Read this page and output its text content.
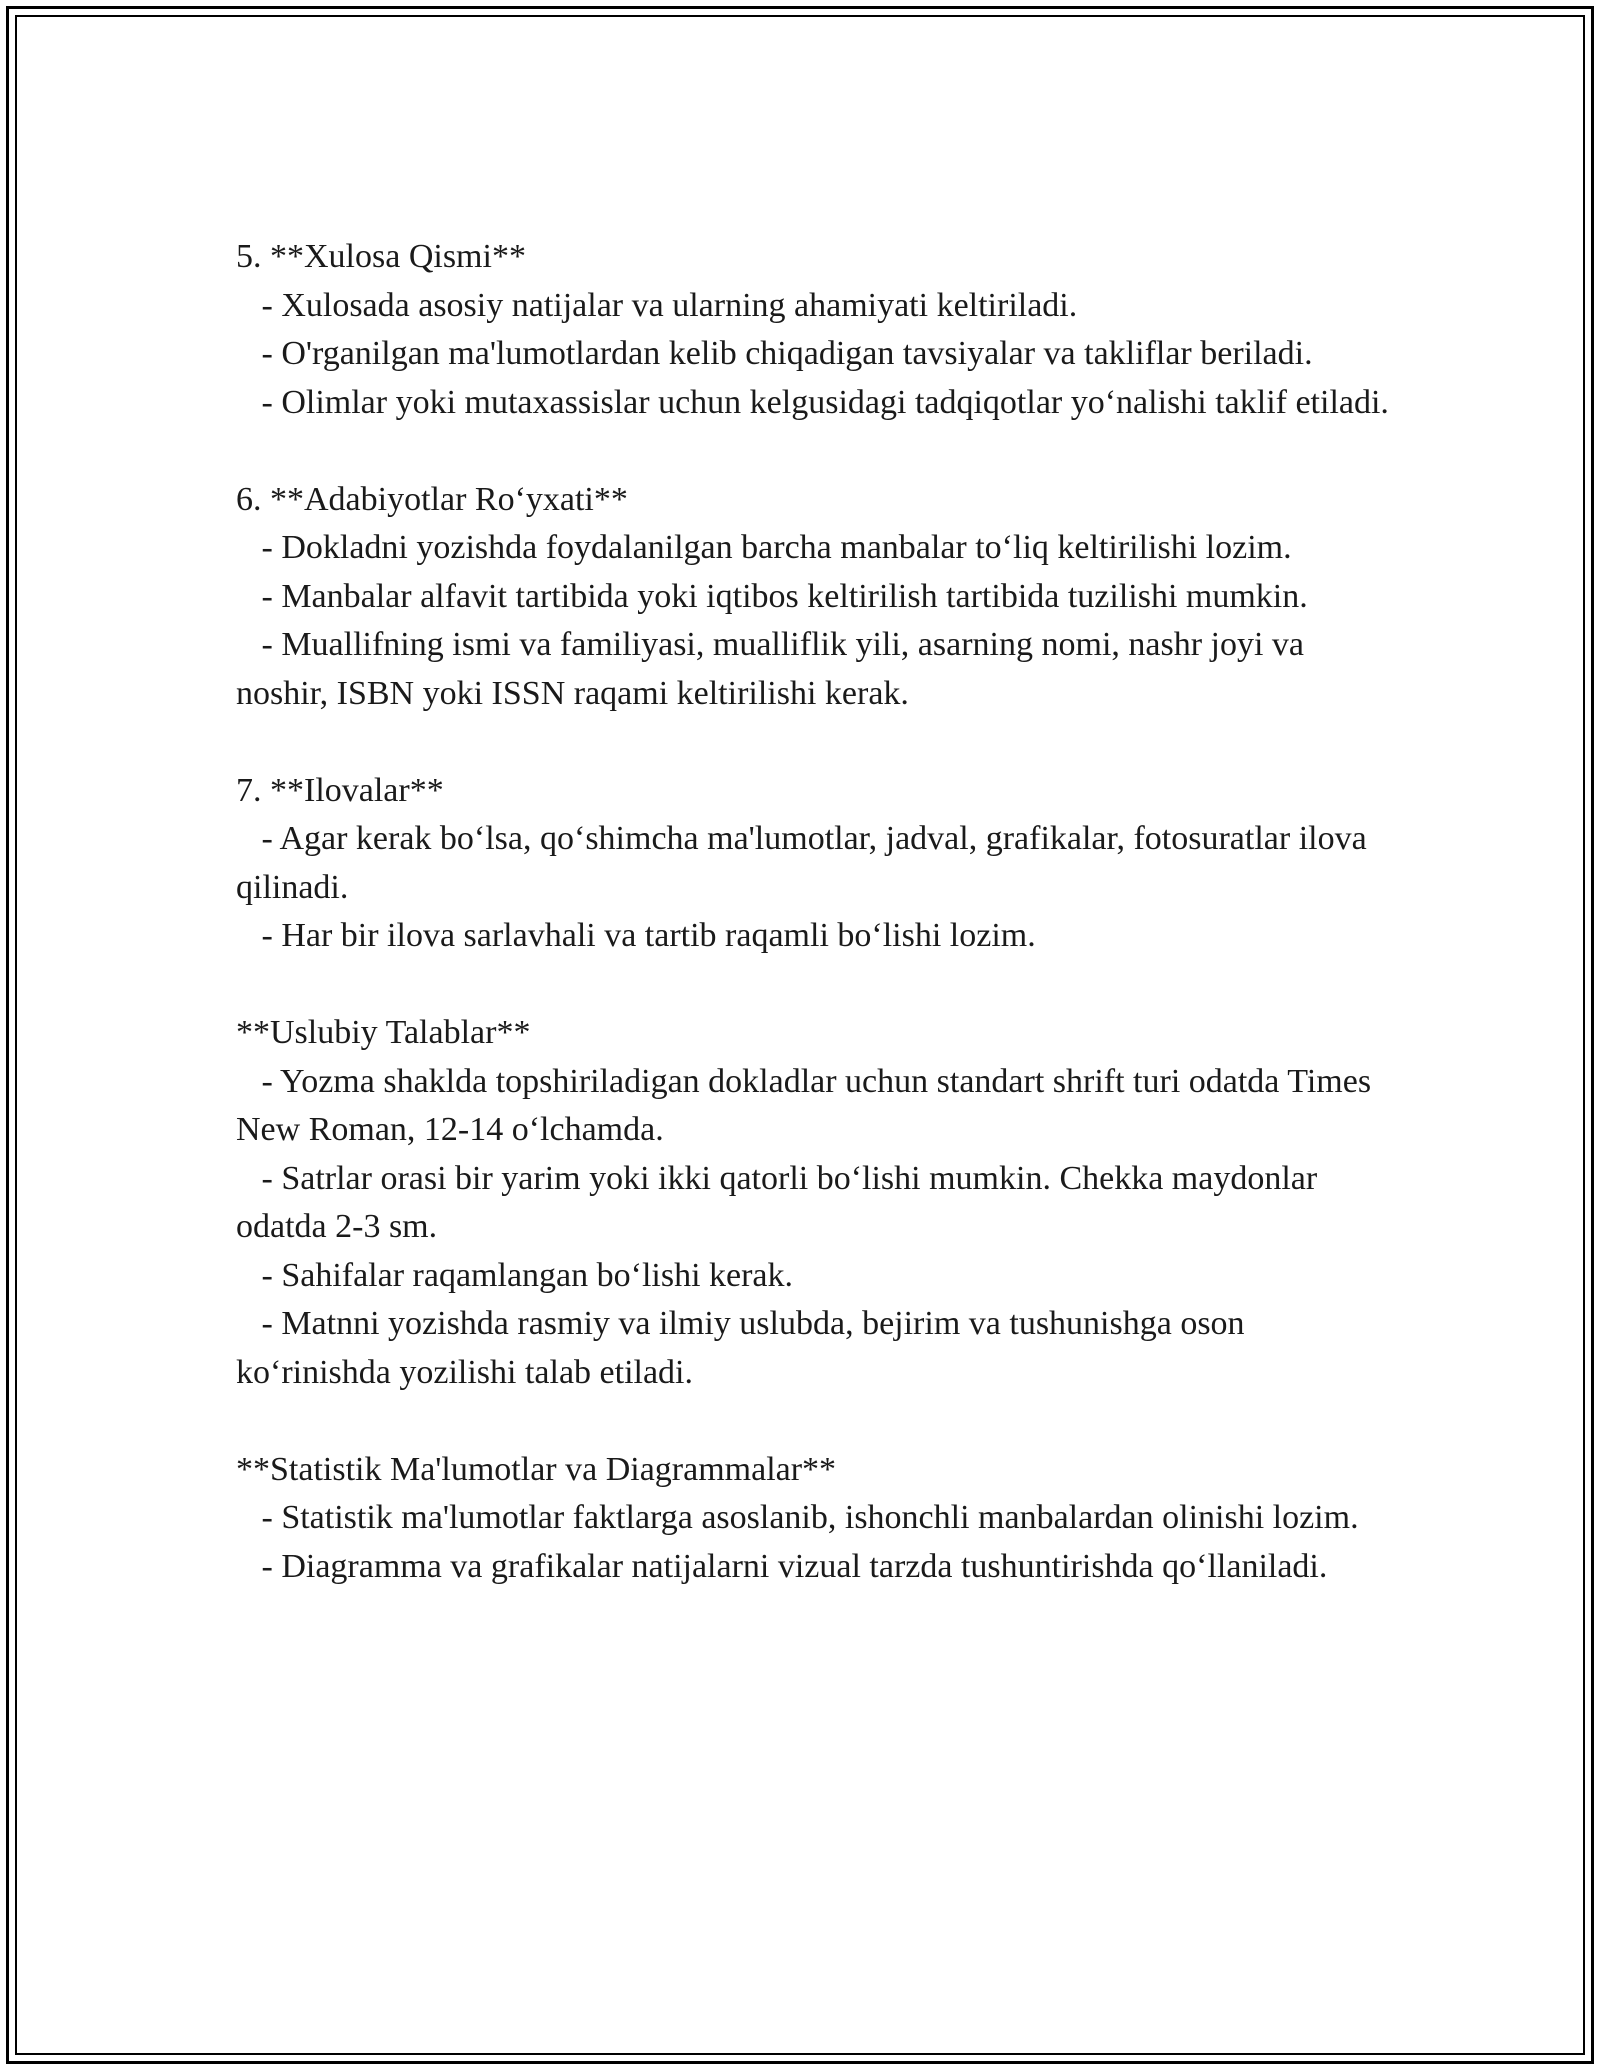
5. **Xulosa Qismi**
- Xulosada asosiy natijalar va ularning ahamiyati keltiriladi.
- O'rganilgan ma'lumotlardan kelib chiqadigan tavsiyalar va takliflar beriladi.
- Olimlar yoki mutaxassislar uchun kelgusidagi tadqiqotlar yo‘nalishi taklif etiladi.
6. **Adabiyotlar Ro‘yxati**
- Dokladni yozishda foydalanilgan barcha manbalar to‘liq keltirilishi lozim.
- Manbalar alfavit tartibida yoki iqtibos keltirilish tartibida tuzilishi mumkin.
- Muallifning ismi va familiyasi, mualliflik yili, asarning nomi, nashr joyi va noshir, ISBN yoki ISSN raqami keltirilishi kerak.
7. **Ilovalar**
- Agar kerak bo‘lsa, qo‘shimcha ma'lumotlar, jadval, grafikalar, fotosuratlar ilova qilinadi.
- Har bir ilova sarlavhali va tartib raqamli bo‘lishi lozim.
**Uslubiy Talablar**
- Yozma shaklda topshiriladigan dokladlar uchun standart shrift turi odatda Times New Roman, 12-14 o‘lchamda.
- Satrlar orasi bir yarim yoki ikki qatorli bo‘lishi mumkin. Chekka maydonlar odatda 2-3 sm.
- Sahifalar raqamlangan bo‘lishi kerak.
- Matnni yozishda rasmiy va ilmiy uslubda, bejirim va tushunishga oson ko‘rinishda yozilishi talab etiladi.
**Statistik Ma'lumotlar va Diagrammalar**
- Statistik ma'lumotlar faktlarga asoslanib, ishonchli manbalardan olinishi lozim.
- Diagramma va grafikalar natijalarni vizual tarzda tushuntirishda qo‘llaniladi.
